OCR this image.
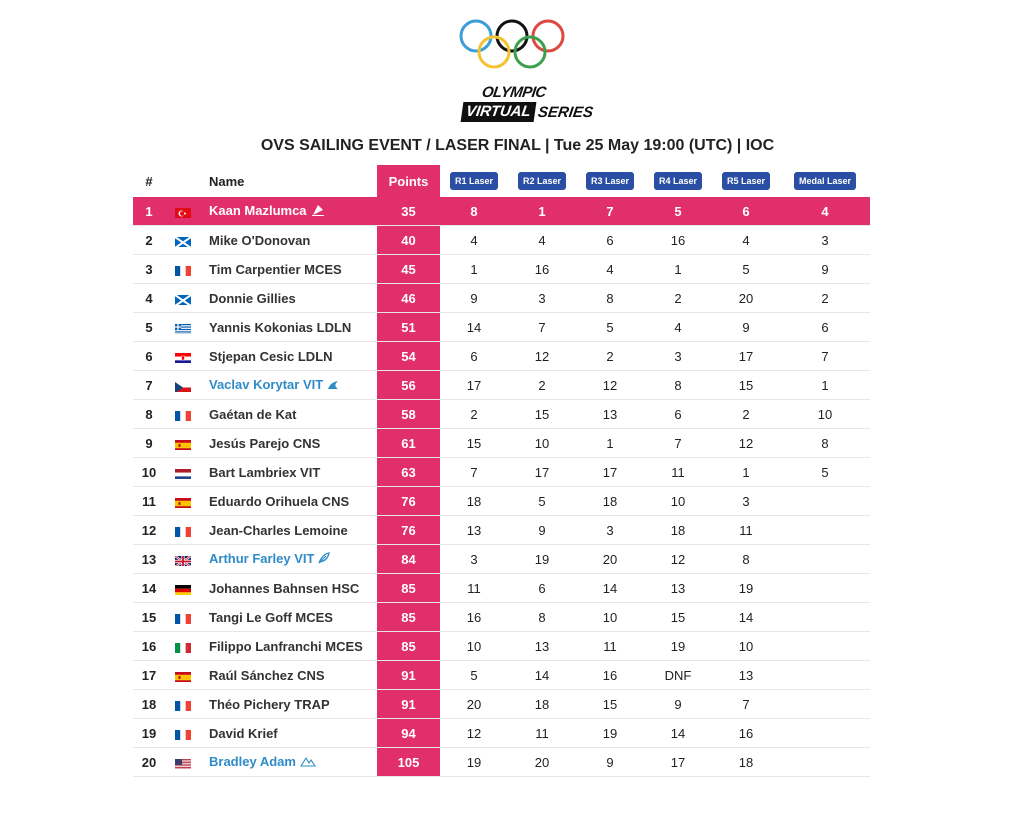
OLYMPIC
VIRTUAL SERIES
OVS SAILING EVENT / LASER FINAL | Tue 25 May 19:00 (UTC) | IOC
#		Name	Points	R1 Laser	R2 Laser	R3 Laser	R4 Laser	R5 Laser	Medal Laser
1		Kaan Mazlumca	35	8	1	7	5	6	4
2		Mike O'Donovan	40	4	4	6	16	4	3
3		Tim Carpentier MCES	45	1	16	4	1	5	9
4		Donnie Gillies	46	9	3	8	2	20	2
5		Yannis Kokonias LDLN	51	14	7	5	4	9	6
6		Stjepan Cesic LDLN	54	6	12	2	3	17	7
7		Vaclav Korytar VIT	56	17	2	12	8	15	1
8		Gaétan de Kat	58	2	15	13	6	2	10
9		Jesús Parejo CNS	61	15	10	1	7	12	8
10		Bart Lambriex VIT	63	7	17	17	11	1	5
11		Eduardo Orihuela CNS	76	18	5	18	10	3	
12		Jean-Charles Lemoine	76	13	9	3	18	11	
13		Arthur Farley VIT	84	3	19	20	12	8	
14		Johannes Bahnsen HSC	85	11	6	14	13	19	
15		Tangi Le Goff MCES	85	16	8	10	15	14	
16		Filippo Lanfranchi MCES	85	10	13	11	19	10	
17		Raúl Sánchez CNS	91	5	14	16	DNF	13	
18		Théo Pichery TRAP	91	20	18	15	9	7	
19		David Krief	94	12	11	19	14	16	
20		Bradley Adam	105	19	20	9	17	18	
